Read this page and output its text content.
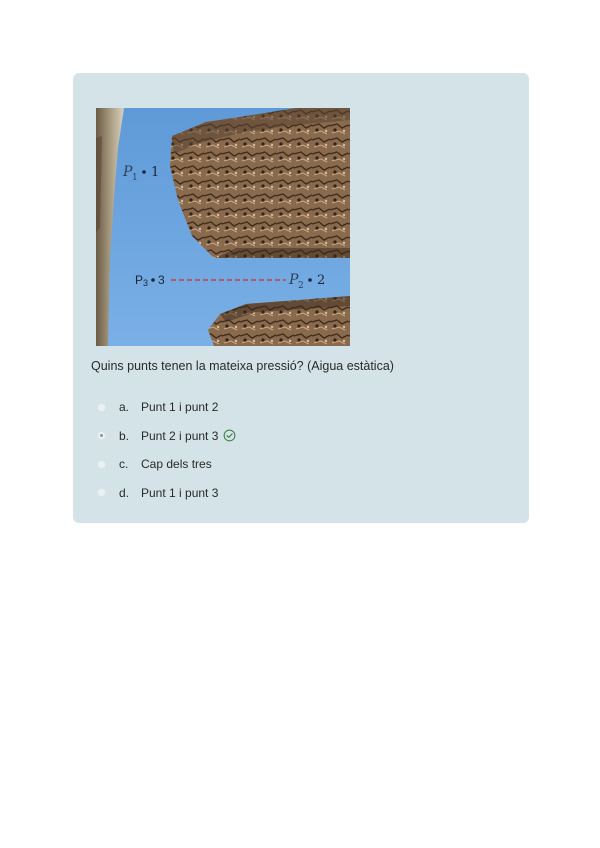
P 1 1
P 3 3	P 2 2
Quins punts tenen la mateixa pressió? (Aigua estàtica)
a. Punt 1 i punt 2
b. Punt 2 i punt 3
c.	Cap dels tres
d. Punt 1 i punt 3
